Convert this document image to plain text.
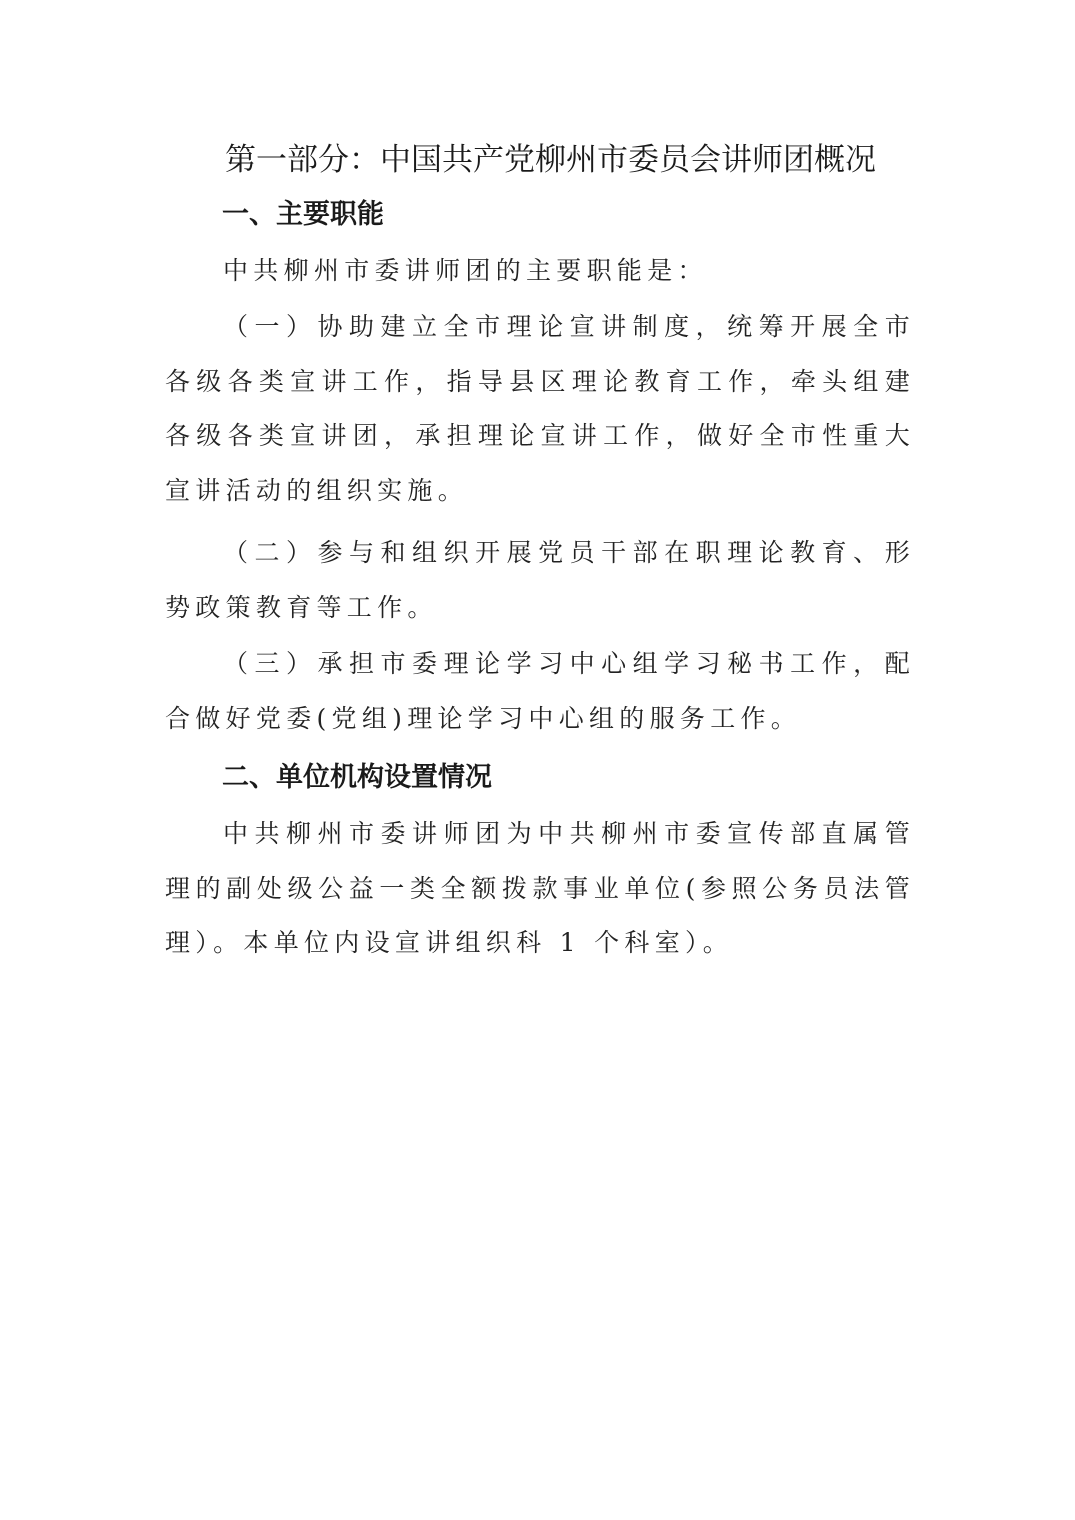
第一部分：中国共产党柳州市委员会讲师团概况
一、主要职能

中共柳州市委讲师团的主要职能是：

（一）协助建立全市理论宣讲制度，统筹开展全市各级各类宣讲工作，指导县区理论教育工作，牵头组建各级各类宣讲团，承担理论宣讲工作，做好全市性重大宣讲活动的组织实施。

（二）参与和组织开展党员干部在职理论教育、形势政策教育等工作。

（三）承担市委理论学习中心组学习秘书工作，配合做好党委(党组)理论学习中心组的服务工作。

二、单位机构设置情况

中共柳州市委讲师团为中共柳州市委宣传部直属管理的副处级公益一类全额拨款事业单位(参照公务员法管理）。本单位内设宣讲组织科 1 个科室）。
